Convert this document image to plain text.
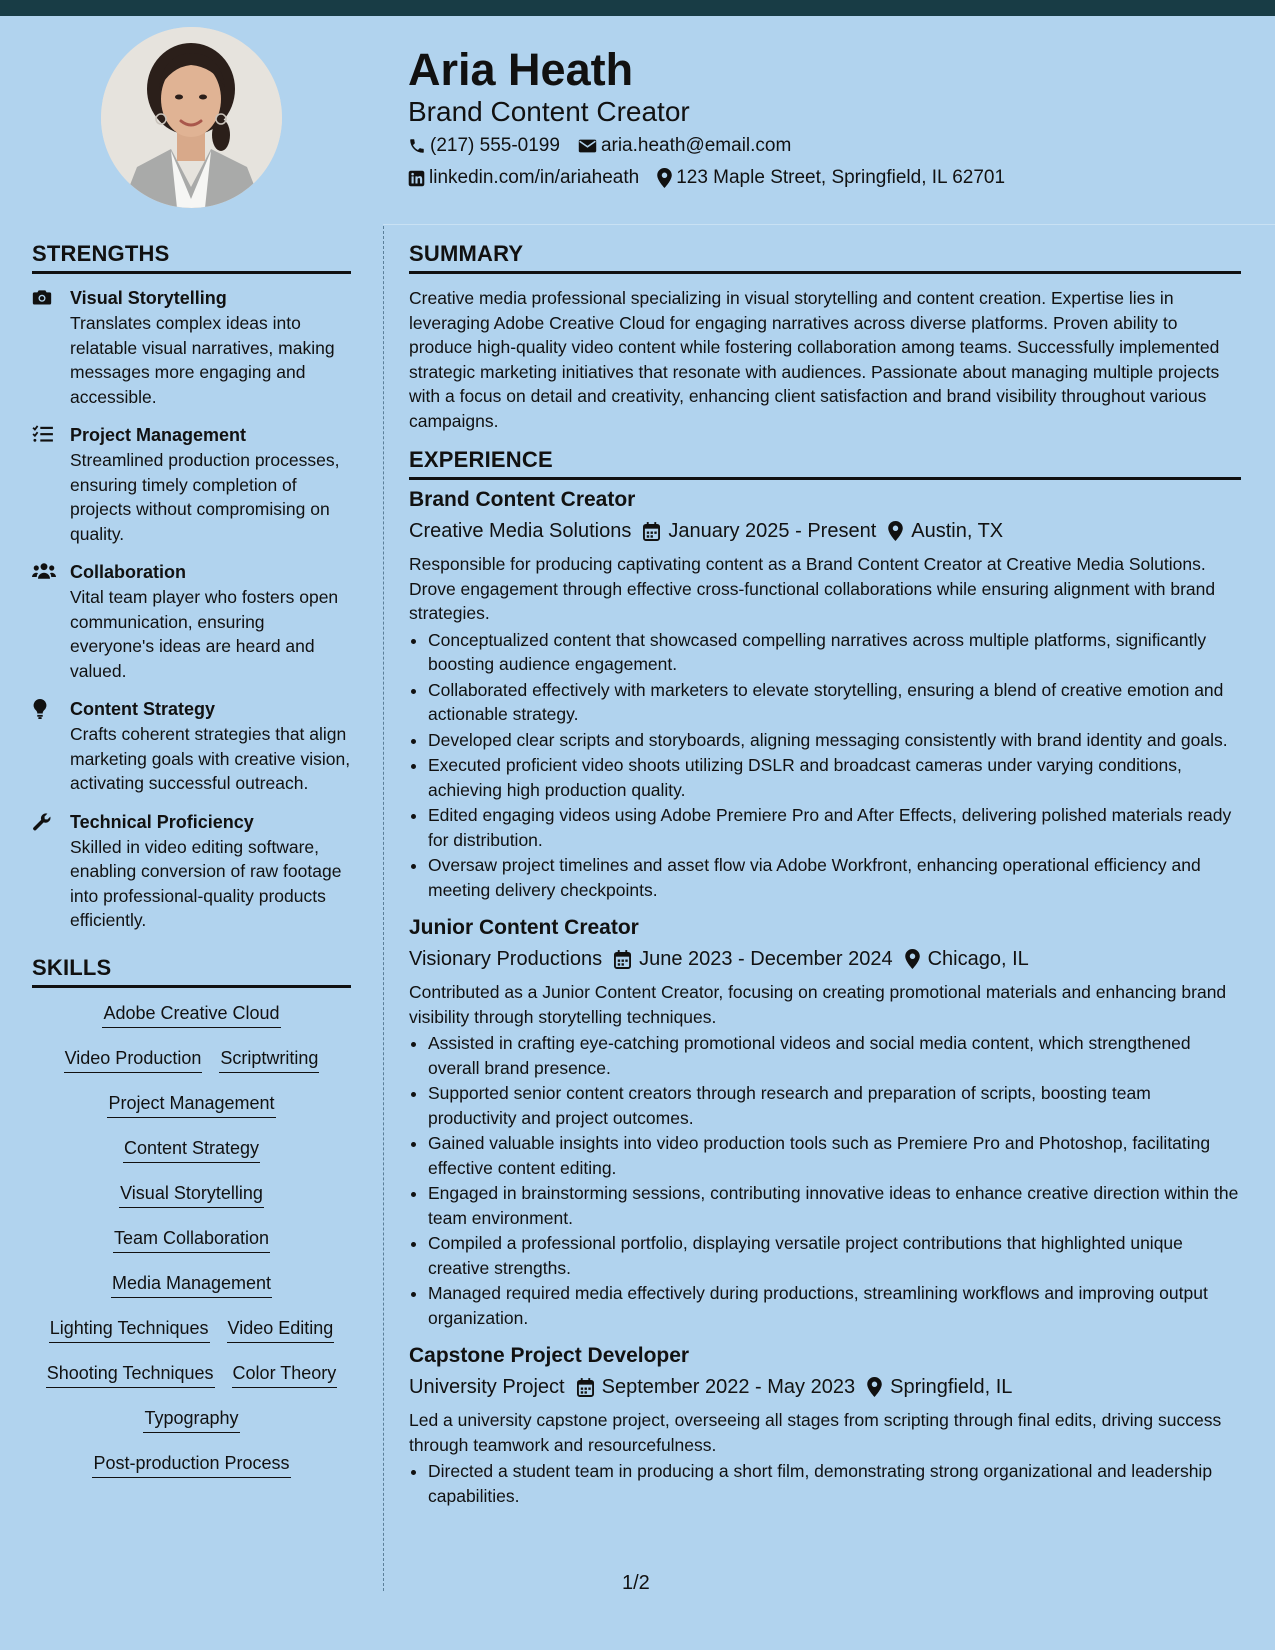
Aria Heath
Brand Content Creator
(217) 555-0199 aria.heath@email.com
linkedin.com/in/ariaheath 123 Maple Street, Springfield, IL 62701
STRENGTHS
Visual Storytelling
Translates complex ideas into relatable visual narratives, making messages more engaging and accessible.
Project Management
Streamlined production processes, ensuring timely completion of projects without compromising on quality.
Collaboration
Vital team player who fosters open communication, ensuring everyone's ideas are heard and valued.
Content Strategy
Crafts coherent strategies that align marketing goals with creative vision, activating successful outreach.
Technical Proficiency
Skilled in video editing software, enabling conversion of raw footage into professional-quality products efficiently.
SKILLS
Adobe Creative Cloud
Video Production Scriptwriting
Project Management
Content Strategy
Visual Storytelling
Team Collaboration
Media Management
Lighting Techniques Video Editing
Shooting Techniques Color Theory
Typography
Post-production Process
SUMMARY

Creative media professional specializing in visual storytelling and content creation. Expertise lies in leveraging Adobe Creative Cloud for engaging narratives across diverse platforms. Proven ability to produce high-quality video content while fostering collaboration among teams. Successfully implemented strategic marketing initiatives that resonate with audiences. Passionate about managing multiple projects with a focus on detail and creativity, enhancing client satisfaction and brand visibility throughout various campaigns.

EXPERIENCE
Brand Content Creator
Creative Media Solutions January 2025 - Present Austin, TX
Responsible for producing captivating content as a Brand Content Creator at Creative Media Solutions. Drove engagement through effective cross-functional collaborations while ensuring alignment with brand strategies.
• Conceptualized content that showcased compelling narratives across multiple platforms, significantly boosting audience engagement.
• Collaborated effectively with marketers to elevate storytelling, ensuring a blend of creative emotion and actionable strategy.
• Developed clear scripts and storyboards, aligning messaging consistently with brand identity and goals.
• Executed proficient video shoots utilizing DSLR and broadcast cameras under varying conditions, achieving high production quality.
• Edited engaging videos using Adobe Premiere Pro and After Effects, delivering polished materials ready for distribution.
• Oversaw project timelines and asset flow via Adobe Workfront, enhancing operational efficiency and meeting delivery checkpoints.
Junior Content Creator
Visionary Productions June 2023 - December 2024 Chicago, IL
Contributed as a Junior Content Creator, focusing on creating promotional materials and enhancing brand visibility through storytelling techniques.
• Assisted in crafting eye-catching promotional videos and social media content, which strengthened overall brand presence.
• Supported senior content creators through research and preparation of scripts, boosting team productivity and project outcomes.
• Gained valuable insights into video production tools such as Premiere Pro and Photoshop, facilitating effective content editing.
• Engaged in brainstorming sessions, contributing innovative ideas to enhance creative direction within the team environment.
• Compiled a professional portfolio, displaying versatile project contributions that highlighted unique creative strengths.
• Managed required media effectively during productions, streamlining workflows and improving output organization.
Capstone Project Developer
University Project September 2022 - May 2023 Springfield, IL
Led a university capstone project, overseeing all stages from scripting through final edits, driving success through teamwork and resourcefulness.
• Directed a student team in producing a short film, demonstrating strong organizational and leadership capabilities.
1/2
